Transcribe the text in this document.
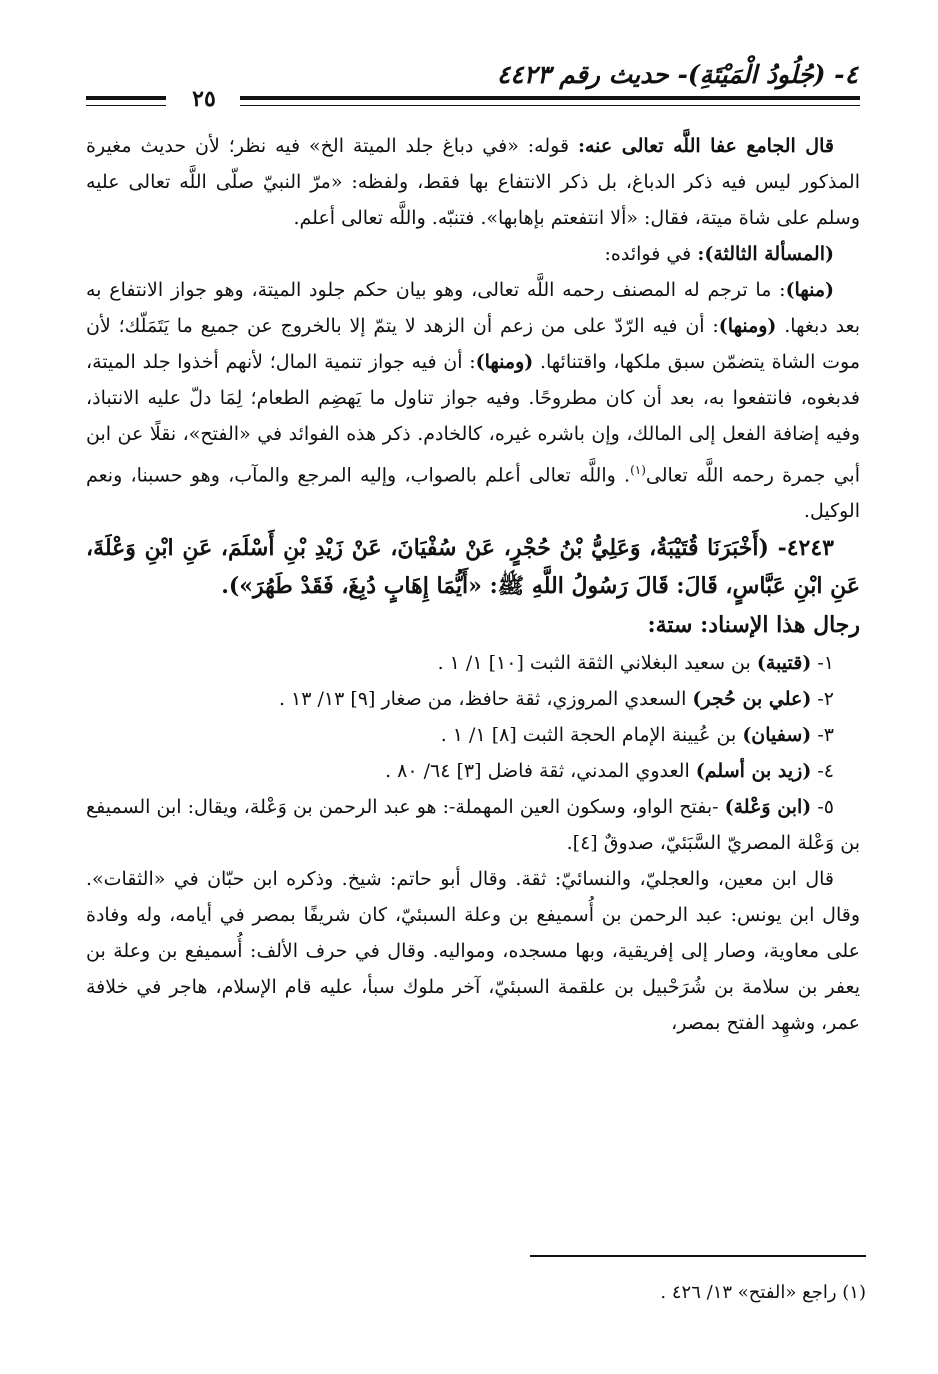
٤- (جُلُودُ الْمَيْتَةِ)- حديث رقم ٤٤٢٣
٢٥

قال الجامع عفا اللَّه تعالى عنه: قوله: «في دباغ جلد الميتة الخ» فيه نظر؛ لأن حديث مغيرة المذكور ليس فيه ذكر الدباغ، بل ذكر الانتفاع بها فقط، ولفظه: «مرّ النبيّ صلّى اللَّه تعالى عليه وسلم على شاة ميتة، فقال: «ألا انتفعتم بإهابها». فتنبّه. واللَّه تعالى أعلم.

(المسألة الثالثة): في فوائده:

(منها): ما ترجم له المصنف رحمه اللَّه تعالى، وهو بيان حكم جلود الميتة، وهو جواز الانتفاع به بعد دبغها. (ومنها): أن فيه الرّدّ على من زعم أن الزهد لا يتمّ إلا بالخروج عن جميع ما يَتَمَلّك؛ لأن موت الشاة يتضمّن سبق ملكها، واقتنائها. (ومنها): أن فيه جواز تنمية المال؛ لأنهم أخذوا جلد الميتة، فدبغوه، فانتفعوا به، بعد أن كان مطروحًا. وفيه جواز تناول ما يَهضِم الطعام؛ لِمَا دلّ عليه الانتباذ، وفيه إضافة الفعل إلى المالك، وإن باشره غيره، كالخادم. ذكر هذه الفوائد في «الفتح»، نقلًا عن ابن أبي جمرة رحمه اللَّه تعالى$^{(١)}$. واللَّه تعالى أعلم بالصواب، وإليه المرجع والمآب، وهو حسبنا، ونعم الوكيل.

٤٢٤٣- (أَخْبَرَنَا قُتَيْبَةُ، وَعَلِيُّ بْنُ حُجْرٍ، عَنْ سُفْيَانَ، عَنْ زَيْدِ بْنِ أَسْلَمَ، عَنِ ابْنِ وَعْلَةَ، عَنِ ابْنِ عَبَّاسٍ، قَالَ: قَالَ رَسُولُ اللَّهِ ﷺ: «أَيُّمَا إِهَابٍ دُبِغَ، فَقَدْ طَهُرَ»).

رجال هذا الإسناد: ستة:

١- (قتيبة) بن سعيد البغلاني الثقة الثبت [١٠] ١/ ١ .

٢- (علي بن حُجر) السعدي المروزي، ثقة حافظ، من صغار [٩] ١٣/ ١٣ .

٣- (سفيان) بن عُيينة الإمام الحجة الثبت [٨] ١/ ١ .

٤- (زيد بن أسلم) العدوي المدني، ثقة فاضل [٣] ٦٤/ ٨٠ .

٥- (ابن وَعْلة) -بفتح الواو، وسكون العين المهملة-: هو عبد الرحمن بن وَعْلة، ويقال: ابن السميفع بن وَعْلة المصريّ السَّبَئيّ، صدوقٌ [٤].

قال ابن معين، والعجليّ، والنسائيّ: ثقة. وقال أبو حاتم: شيخ. وذكره ابن حبّان في «الثقات». وقال ابن يونس: عبد الرحمن بن أُسميفع بن وعلة السبئيّ، كان شريفًا بمصر في أيامه، وله وفادة على معاوية، وصار إلى إفريقية، وبها مسجده، ومواليه. وقال في حرف الألف: أُسميفع بن وعلة بن يعفر بن سلامة بن شُرَحْبيل بن علقمة السبئيّ، آخر ملوك سبأ، عليه قام الإسلام، هاجر في خلافة عمر، وشهِد الفتح بمصر،

(١) راجع «الفتح» ١٣/ ٤٢٦ .
